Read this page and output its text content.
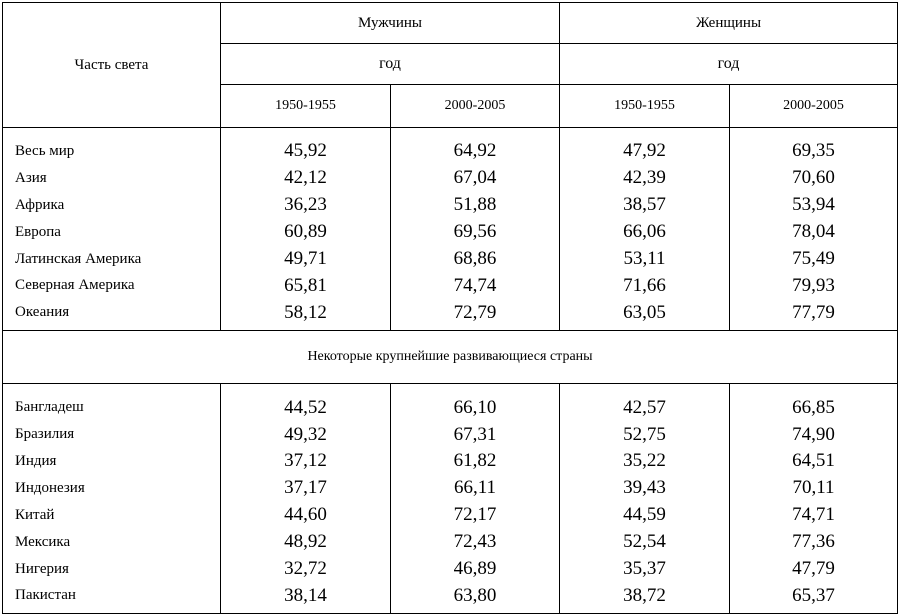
Часть света	Мужчины		Женщины	
	год		год	
	1950-1955	2000-2005	1950-1955	2000-2005
Весь мир	45,92	64,92	47,92	69,35
Азия	42,12	67,04	42,39	70,60
Африка	36,23	51,88	38,57	53,94
Европа	60,89	69,56	66,06	78,04
Латинская Америка	49,71	68,86	53,11	75,49
Северная Америка	65,81	74,74	71,66	79,93
Океания	58,12	72,79	63,05	77,79
Некоторые крупнейшие развивающиеся страны				
Бангладеш	44,52	66,10	42,57	66,85
Бразилия	49,32	67,31	52,75	74,90
Индия	37,12	61,82	35,22	64,51
Индонезия	37,17	66,11	39,43	70,11
Китай	44,60	72,17	44,59	74,71
Мексика	48,92	72,43	52,54	77,36
Нигерия	32,72	46,89	35,37	47,79
Пакистан	38,14	63,80	38,72	65,37
